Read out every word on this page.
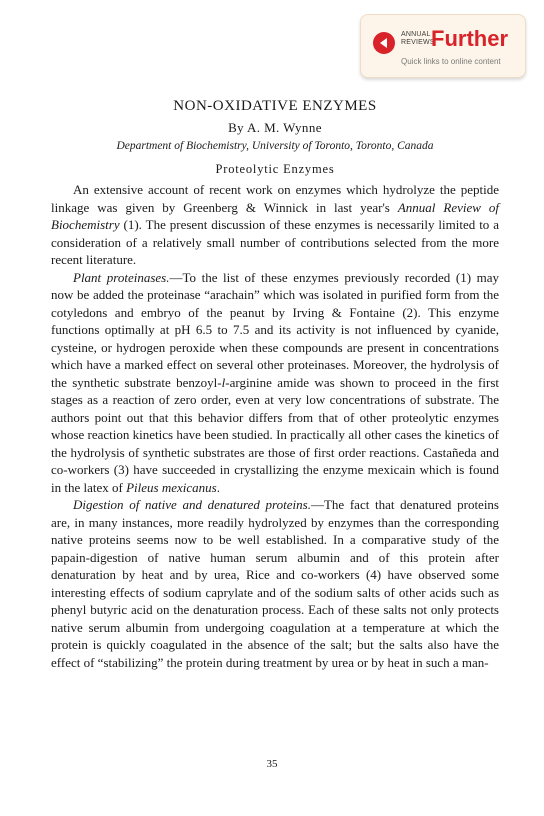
ANNUAL
REVIEWS
Further
Quick links to online content
NON-OXIDATIVE ENZYMES
By A. M. Wynne
Department of Biochemistry, University of Toronto, Toronto, Canada
Proteolytic Enzymes

An extensive account of recent work on enzymes which hydrolyze the peptide linkage was given by Greenberg & Winnick in last year's Annual Review of Biochemistry (1). The present discussion of these enzymes is necessarily limited to a consideration of a relatively small number of contributions selected from the more recent literature.

Plant proteinases.—To the list of these enzymes previously recorded (1) may now be added the proteinase “arachain” which was isolated in purified form from the cotyledons and embryo of the peanut by Irving & Fontaine (2). This enzyme functions optimally at pH 6.5 to 7.5 and its activity is not influenced by cyanide, cysteine, or hydrogen peroxide when these compounds are present in concentrations which have a marked effect on several other proteinases. Moreover, the hydrolysis of the synthetic substrate benzoyl-l-arginine amide was shown to proceed in the first stages as a reaction of zero order, even at very low concentrations of substrate. The authors point out that this behavior differs from that of other proteolytic enzymes whose reaction kinetics have been studied. In practically all other cases the kinetics of the hydrolysis of synthetic substrates are those of first order reactions. Castañeda and co-workers (3) have succeeded in crystallizing the enzyme mexicain which is found in the latex of Pileus mexicanus.

Digestion of native and denatured proteins.—The fact that denatured proteins are, in many instances, more readily hydrolyzed by enzymes than the corresponding native proteins seems now to be well established. In a comparative study of the papain-digestion of native human serum albumin and of this protein after denaturation by heat and by urea, Rice and co-workers (4) have observed some interesting effects of sodium caprylate and of the sodium salts of other acids such as phenyl butyric acid on the denaturation process. Each of these salts not only protects native serum albumin from undergoing coagulation at a temperature at which the protein is quickly coagulated in the absence of the salt; but the salts also have the effect of “stabilizing” the protein during treatment by urea or by heat in such a man-

35
